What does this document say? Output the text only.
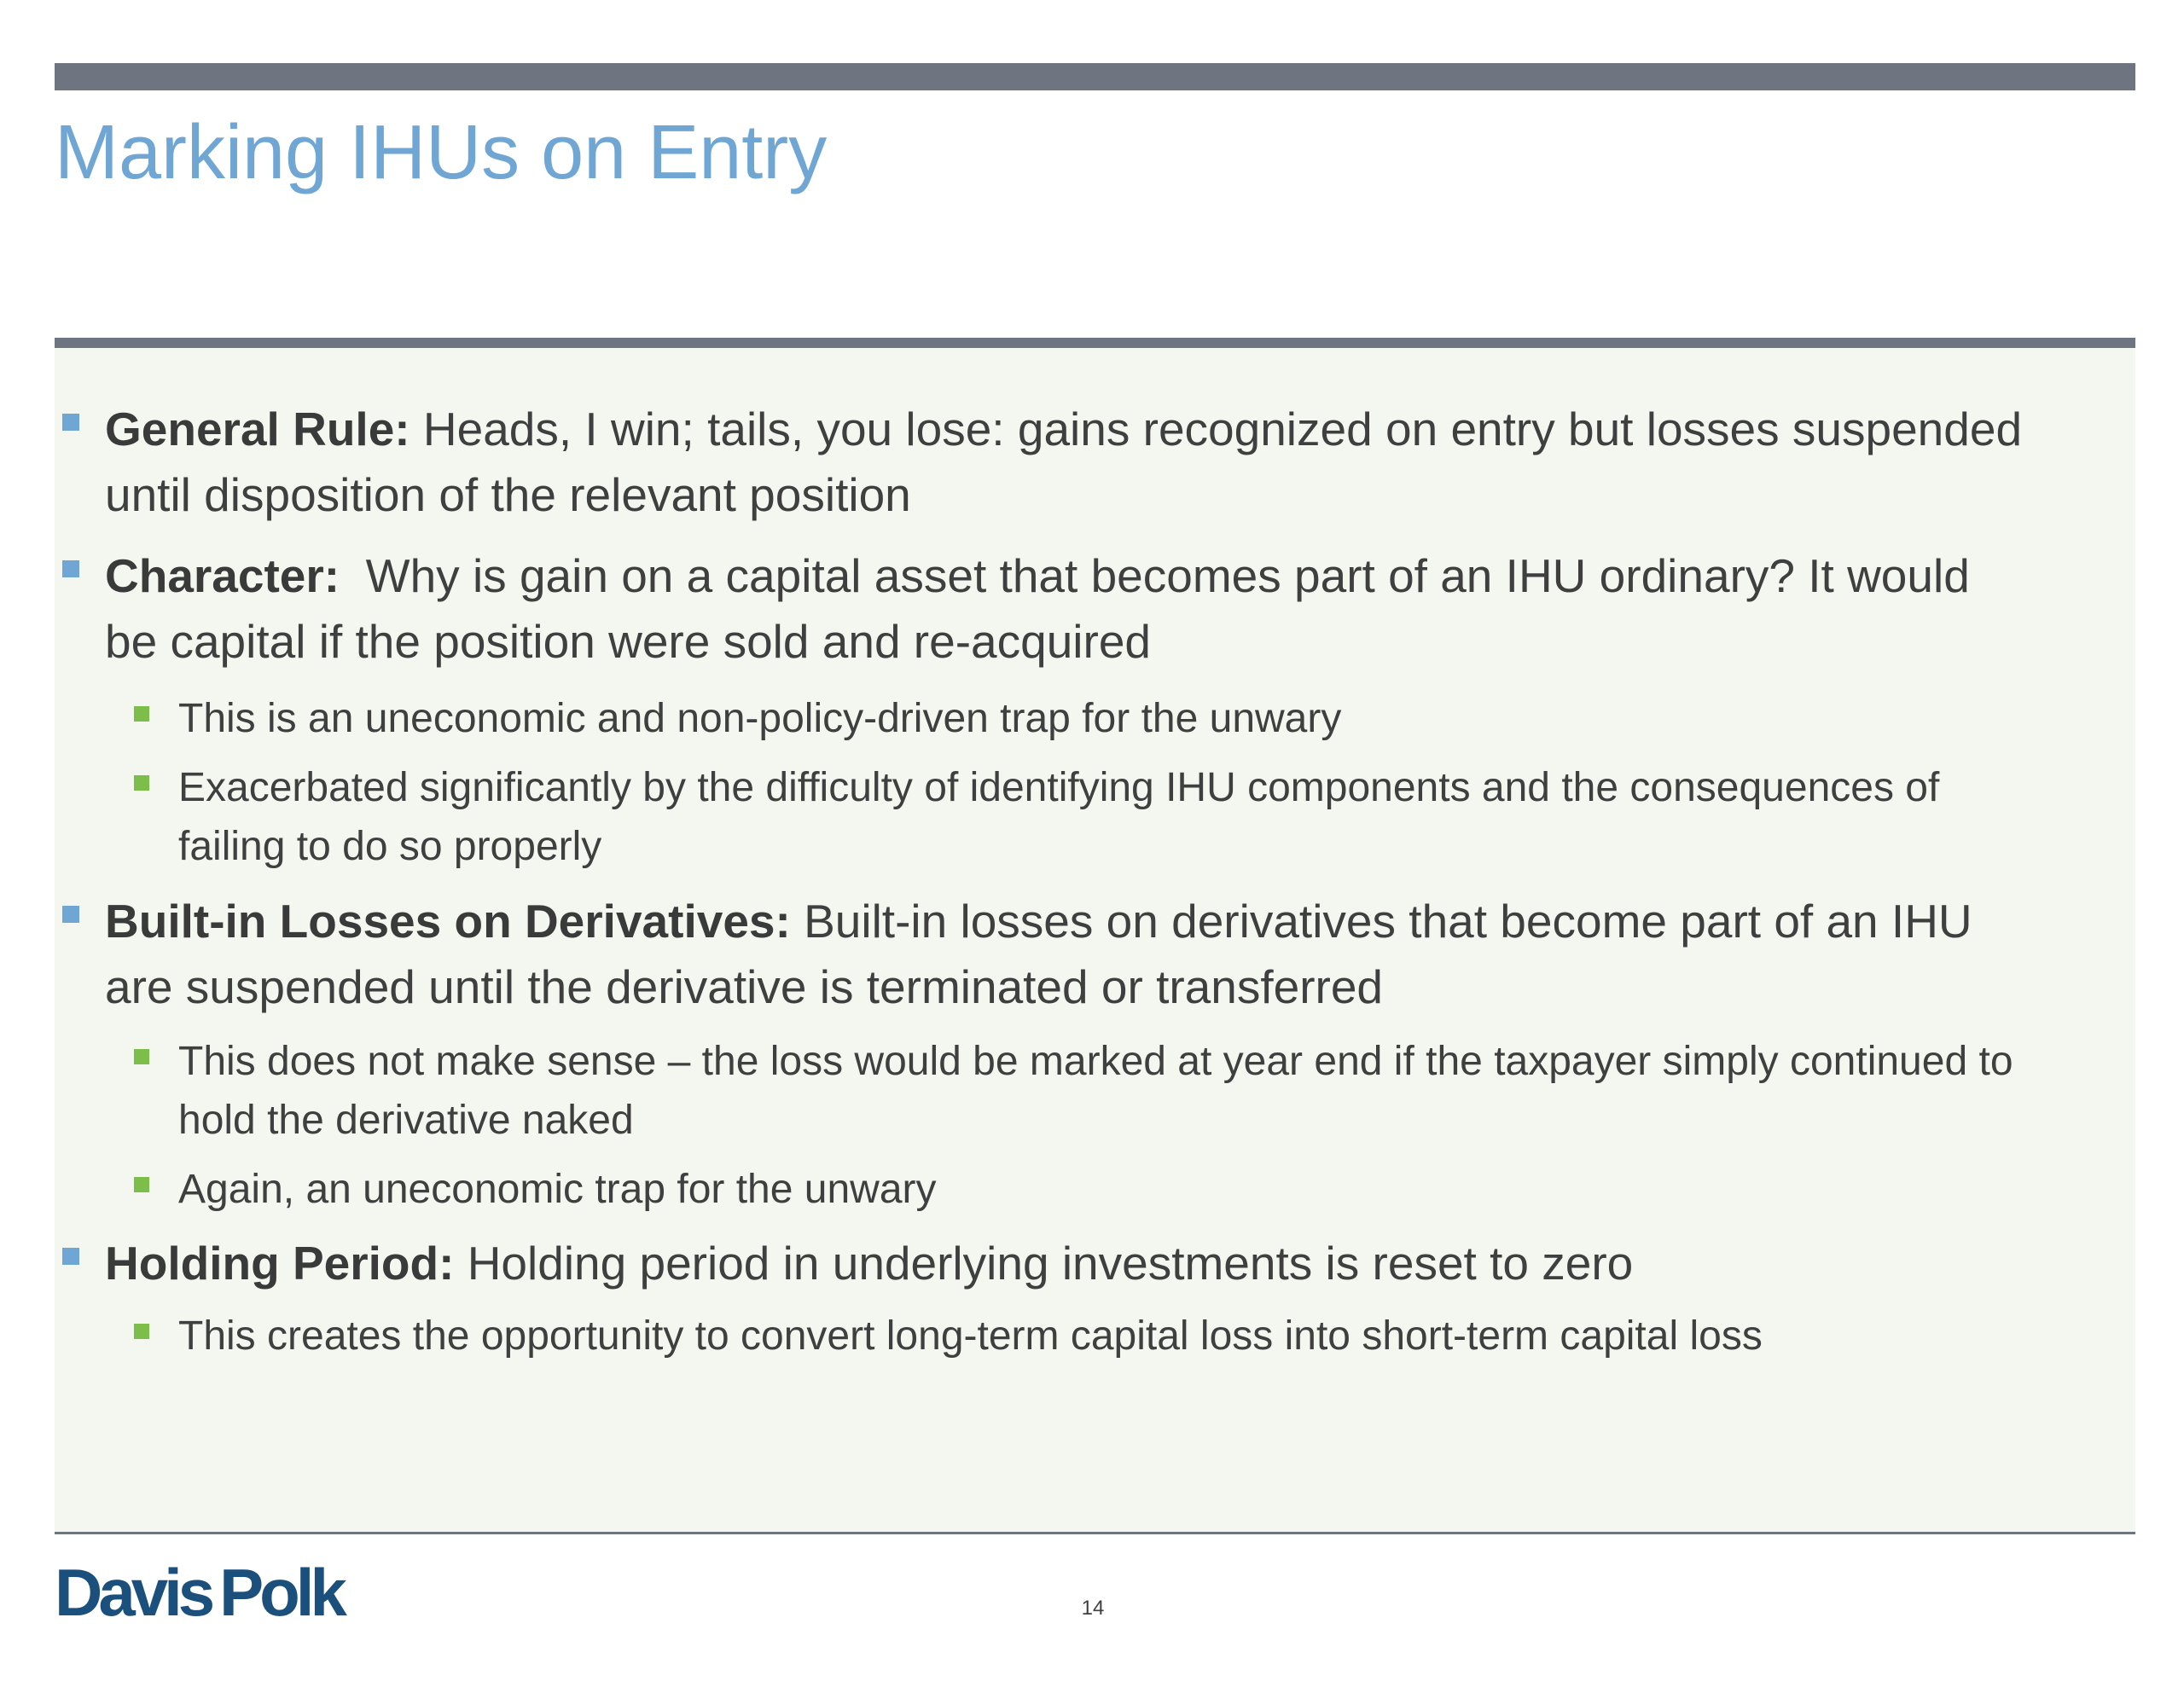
Marking IHUs on Entry
General Rule: Heads, I win; tails, you lose: gains recognized on entry but losses suspended until disposition of the relevant position
Character: Why is gain on a capital asset that becomes part of an IHU ordinary? It would be capital if the position were sold and re-acquired
This is an uneconomic and non-policy-driven trap for the unwary
Exacerbated significantly by the difficulty of identifying IHU components and the consequences of failing to do so properly
Built-in Losses on Derivatives: Built-in losses on derivatives that become part of an IHU are suspended until the derivative is terminated or transferred
This does not make sense – the loss would be marked at year end if the taxpayer simply continued to hold the derivative naked
Again, an uneconomic trap for the unwary
Holding Period: Holding period in underlying investments is reset to zero
This creates the opportunity to convert long-term capital loss into short-term capital loss
Davis Polk	14
